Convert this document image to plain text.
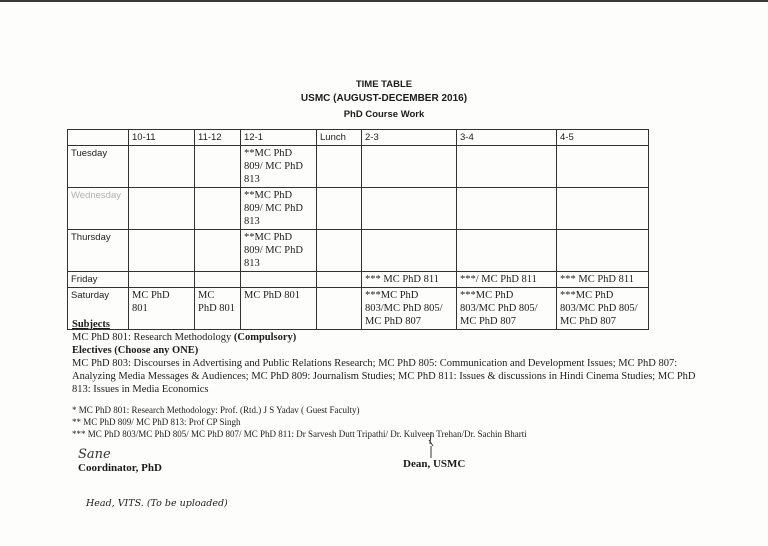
TIME TABLE
USMC (AUGUST-DECEMBER 2016)
PhD Course Work
	10-11	11-12	12-1	Lunch	2-3	3-4	4-5
Tuesday			**MC PhD
809/ MC PhD
813				
Wednesday			**MC PhD
809/ MC PhD
813				
Thursday			**MC PhD
809/ MC PhD
813				
Friday					*** MC PhD 811	***/ MC PhD 811	*** MC PhD 811
Saturday	MC PhD
801	MC
PhD 801	MC PhD 801		***MC PhD
803/MC PhD 805/
MC PhD 807	***MC PhD
803/MC PhD 805/
MC PhD 807	***MC PhD
803/MC PhD 805/
MC PhD 807
Subjects
MC PhD 801: Research Methodology (Compulsory)
Electives (Choose any ONE)
MC PhD 803: Discourses in Advertising and Public Relations Research; MC PhD 805: Communication and Development Issues; MC PhD 807: Analyzing Media Messages & Audiences; MC PhD 809: Journalism Studies; MC PhD 811: Issues & discussions in Hindi Cinema Studies; MC PhD 813: Issues in Media Economics
* MC PhD 801: Research Methodology: Prof. (Rtd.) J S Yadav ( Guest Faculty)
** MC PhD 809/ MC PhD 813: Prof CP Singh
*** MC PhD 803/MC PhD 805/ MC PhD 807/ MC PhD 811: Dr Sarvesh Dutt Tripathi/ Dr. Kulveen Trehan/Dr. Sachin Bharti
Sane
Coordinator, PhD	Dean, USMC
Head, VITS. (To be uploaded)
